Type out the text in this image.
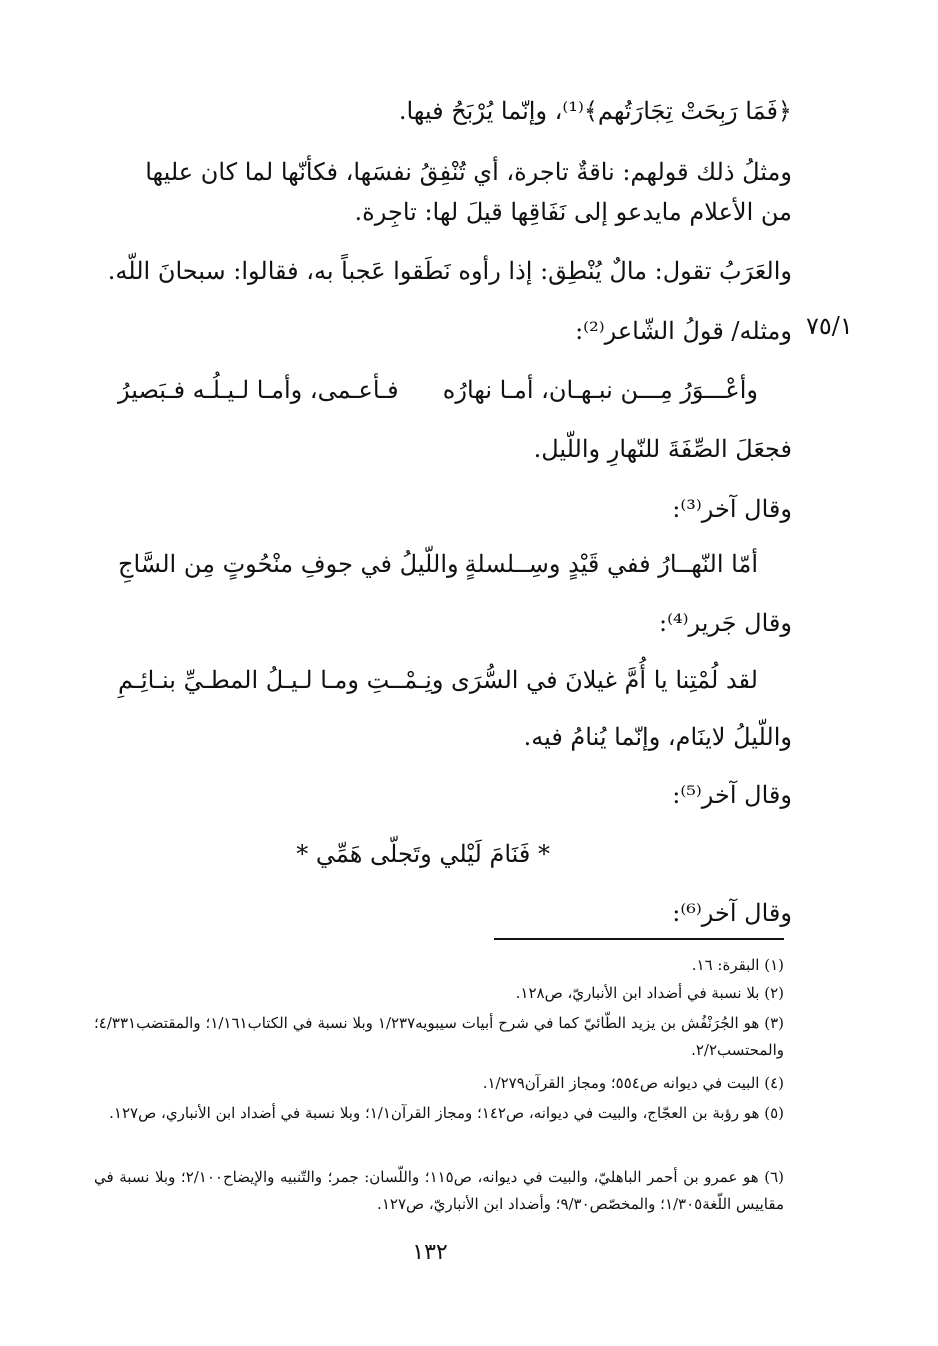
﴿فَمَا رَبِحَتْ تِجَارَتُهم﴾⁽¹⁾، وإنّما يُرْبَحُ فيها.
ومثلُ ذلك قولهم: ناقةٌ تاجرة، أي تُنْفِقُ نفسَها، فكأنّها لما كان عليها من الأعلام مايدعو إلى نَفَاقِها قيلَ لها: تاجِرة.
والعَرَبُ تقول: مالٌ يُنْطِق: إذا رأوه نَطَقوا عَجباً به، فقالوا: سبحانَ اللّه.
٧٥/١
ومثله/ قولُ الشّاعر⁽²⁾:
وأعْـــوَرُ مِـــن نبـهـان، أمـا نهارُه
فـأعـمى، وأمـا لـيـلُـه فـبَصيرُ
فجعَلَ الصِّفَةَ للنّهارِ واللّيل.
وقال آخر⁽³⁾:
أمّا النّهــارُ ففي قَيْدٍ وسِــلسلةٍ
واللّيلُ في جوفِ منْحُوتٍ مِن السَّاجِ
وقال جَرير⁽⁴⁾:
لقد لُمْتِنا يا أُمَّ غيلانَ في السُّرَى
ونِـمْــتِ ومـا لـيـلُ المطـيِّ بنـائِـمِ
واللّيلُ لاينَام، وإنّما يُنامُ فيه.
وقال آخر⁽⁵⁾:
* فَنَامَ لَيْلي وتَجلّى هَمِّي *
وقال آخر⁽⁶⁾:
(١) البقرة: ١٦.
(٢) بلا نسبة في أضداد ابن الأنباريّ، ص١٢٨.
(٣) هو الجُرَنْفُش بن يزيد الطّائيّ كما في شرح أبيات سيبويه١/٢٣٧ وبلا نسبة في الكتاب١/١٦١؛ والمقتضب٤/٣٣١؛ والمحتسب٢/٢.
(٤) البيت في ديوانه ص٥٥٤؛ ومجاز القرآن١/٢٧٩.
(٥) هو رؤبة بن العجّاج، والبيت في ديوانه، ص١٤٢؛ ومجاز القرآن١/١؛ وبلا نسبة في أضداد ابن الأنباري، ص١٢٧.
(٦) هو عمرو بن أحمر الباهليّ، والبيت في ديوانه، ص١١٥؛ واللّسان: جمر؛ والتّنبيه والإيضاح٢/١٠٠؛ وبلا نسبة في مقاييس اللّغة١/٣٠٥؛ والمخصّص٩/٣٠؛ وأضداد ابن الأنباريّ، ص١٢٧.
١٣٢
